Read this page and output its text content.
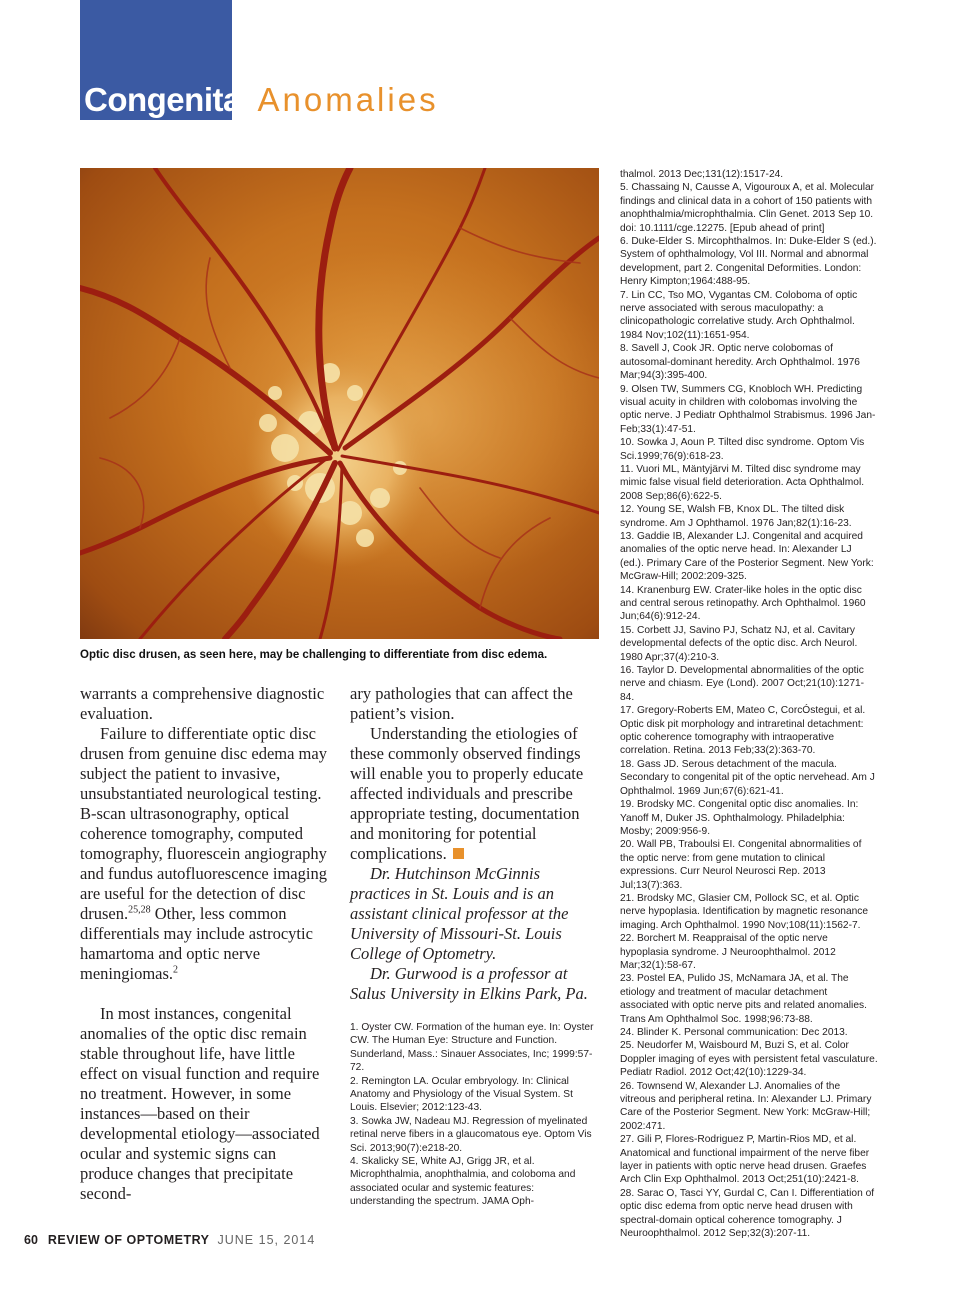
Congenital Anomalies
Optic disc drusen, as seen here, may be challenging to differentiate from disc edema.

warrants a comprehensive diagnostic evaluation.

Failure to differentiate optic disc drusen from genuine disc edema may subject the patient to invasive, unsubstantiated neurological testing. B-scan ultrasonography, optical coherence tomography, computed tomography, fluorescein angiography and fundus autofluorescence imaging are useful for the detection of disc drusen.$^{25,28}$ Other, less common differentials may include astrocytic hamartoma and optic nerve meningiomas.$^2$

In most instances, congenital anomalies of the optic disc remain stable throughout life, have little effect on visual function and require no treatment. However, in some instances—based on their developmental etiology—associated ocular and systemic signs can produce changes that precipitate second-

ary pathologies that can affect the patient’s vision.

Understanding the etiologies of these commonly observed findings will enable you to properly educate affected individuals and prescribe appropriate testing, documentation and monitoring for potential complications.

Dr. Hutchinson McGinnis practices in St. Louis and is an assistant clinical professor at the University of Missouri-St. Louis College of Optometry.

Dr. Gurwood is a professor at Salus University in Elkins Park, Pa.

1. Oyster CW. Formation of the human eye. In: Oyster CW. The Human Eye: Structure and Function. Sunderland, Mass.: Sinauer Associates, Inc; 1999:57-72.
2. Remington LA. Ocular embryology. In: Clinical Anatomy and Physiology of the Visual System. St Louis. Elsevier; 2012:123-43.
3. Sowka JW, Nadeau MJ. Regression of myelinated retinal nerve fibers in a glaucomatous eye. Optom Vis Sci. 2013;90(7):e218-20.
4. Skalicky SE, White AJ, Grigg JR, et al. Microphthalmia, anophthalmia, and coloboma and associated ocular and systemic features: understanding the spectrum. JAMA Oph-
thalmol. 2013 Dec;131(12):1517-24.
5. Chassaing N, Causse A, Vigouroux A, et al. Molecular findings and clinical data in a cohort of 150 patients with anophthalmia/microphthalmia. Clin Genet. 2013 Sep 10. doi: 10.1111/cge.12275. [Epub ahead of print]
6. Duke-Elder S. Mircophthalmos. In: Duke-Elder S (ed.). System of ophthalmology, Vol III. Normal and abnormal development, part 2. Congenital Deformities. London: Henry Kimpton;1964:488-95.
7. Lin CC, Tso MO, Vygantas CM. Coloboma of optic nerve associated with serous maculopathy: a clinicopathologic correlative study. Arch Ophthalmol. 1984 Nov;102(11):1651-954.
8. Savell J, Cook JR. Optic nerve colobomas of autosomal-dominant heredity. Arch Ophthalmol. 1976 Mar;94(3):395-400.
9. Olsen TW, Summers CG, Knobloch WH. Predicting visual acuity in children with colobomas involving the optic nerve. J Pediatr Ophthalmol Strabismus. 1996 Jan-Feb;33(1):47-51.
10. Sowka J, Aoun P. Tilted disc syndrome. Optom Vis Sci.1999;76(9):618-23.
11. Vuori ML, Mäntyjärvi M. Tilted disc syndrome may mimic false visual field deterioration. Acta Ophthalmol. 2008 Sep;86(6):622-5.
12. Young SE, Walsh FB, Knox DL. The tilted disk syndrome. Am J Ophthamol. 1976 Jan;82(1):16-23.
13. Gaddie IB, Alexander LJ. Congenital and acquired anomalies of the optic nerve head. In: Alexander LJ (ed.). Primary Care of the Posterior Segment. New York: McGraw-Hill; 2002:209-325.
14. Kranenburg EW. Crater-like holes in the optic disc and central serous retinopathy. Arch Ophthalmol. 1960 Jun;64(6):912-24.
15. Corbett JJ, Savino PJ, Schatz NJ, et al. Cavitary developmental defects of the optic disc. Arch Neurol. 1980 Apr;37(4):210-3.
16. Taylor D. Developmental abnormalities of the optic nerve and chiasm. Eye (Lond). 2007 Oct;21(10):1271-84.
17. Gregory-Roberts EM, Mateo C, CorcÓstegui, et al. Optic disk pit morphology and intraretinal detachment: optic coherence tomography with intraoperative correlation. Retina. 2013 Feb;33(2):363-70.
18. Gass JD. Serous detachment of the macula. Secondary to congenital pit of the optic nervehead. Am J Ophthalmol. 1969 Jun;67(6):621-41.
19. Brodsky MC. Congenital optic disc anomalies. In: Yanoff M, Duker JS. Ophthalmology. Philadelphia: Mosby; 2009:956-9.
20. Wall PB, Traboulsi EI. Congenital abnormalities of the optic nerve: from gene mutation to clinical expressions. Curr Neurol Neurosci Rep. 2013 Jul;13(7):363.
21. Brodsky MC, Glasier CM, Pollock SC, et al. Optic nerve hypoplasia. Identification by magnetic resonance imaging. Arch Ophthalmol. 1990 Nov;108(11):1562-7.
22. Borchert M. Reappraisal of the optic nerve hypoplasia syndrome. J Neuroophthalmol. 2012 Mar;32(1):58-67.
23. Postel EA, Pulido JS, McNamara JA, et al. The etiology and treatment of macular detachment associated with optic nerve pits and related anomalies. Trans Am Ophthalmol Soc. 1998;96:73-88.
24. Blinder K. Personal communication: Dec 2013.
25. Neudorfer M, Waisbourd M, Buzi S, et al. Color Doppler imaging of eyes with persistent fetal vasculature. Pediatr Radiol. 2012 Oct;42(10):1229-34.
26. Townsend W, Alexander LJ. Anomalies of the vitreous and peripheral retina. In: Alexander LJ. Primary Care of the Posterior Segment. New York: McGraw-Hill; 2002:471.
27. Gili P, Flores-Rodriguez P, Martin-Rios MD, et al. Anatomical and functional impairment of the nerve fiber layer in patients with optic nerve head drusen. Graefes Arch Clin Exp Ophthalmol. 2013 Oct;251(10):2421-8.
28. Sarac O, Tasci YY, Gurdal C, Can I. Differentiation of optic disc edema from optic nerve head drusen with spectral-domain optical coherence tomography. J Neuroophthalmol. 2012 Sep;32(3):207-11.
60 REVIEW OF OPTOMETRY JUNE 15, 2014
